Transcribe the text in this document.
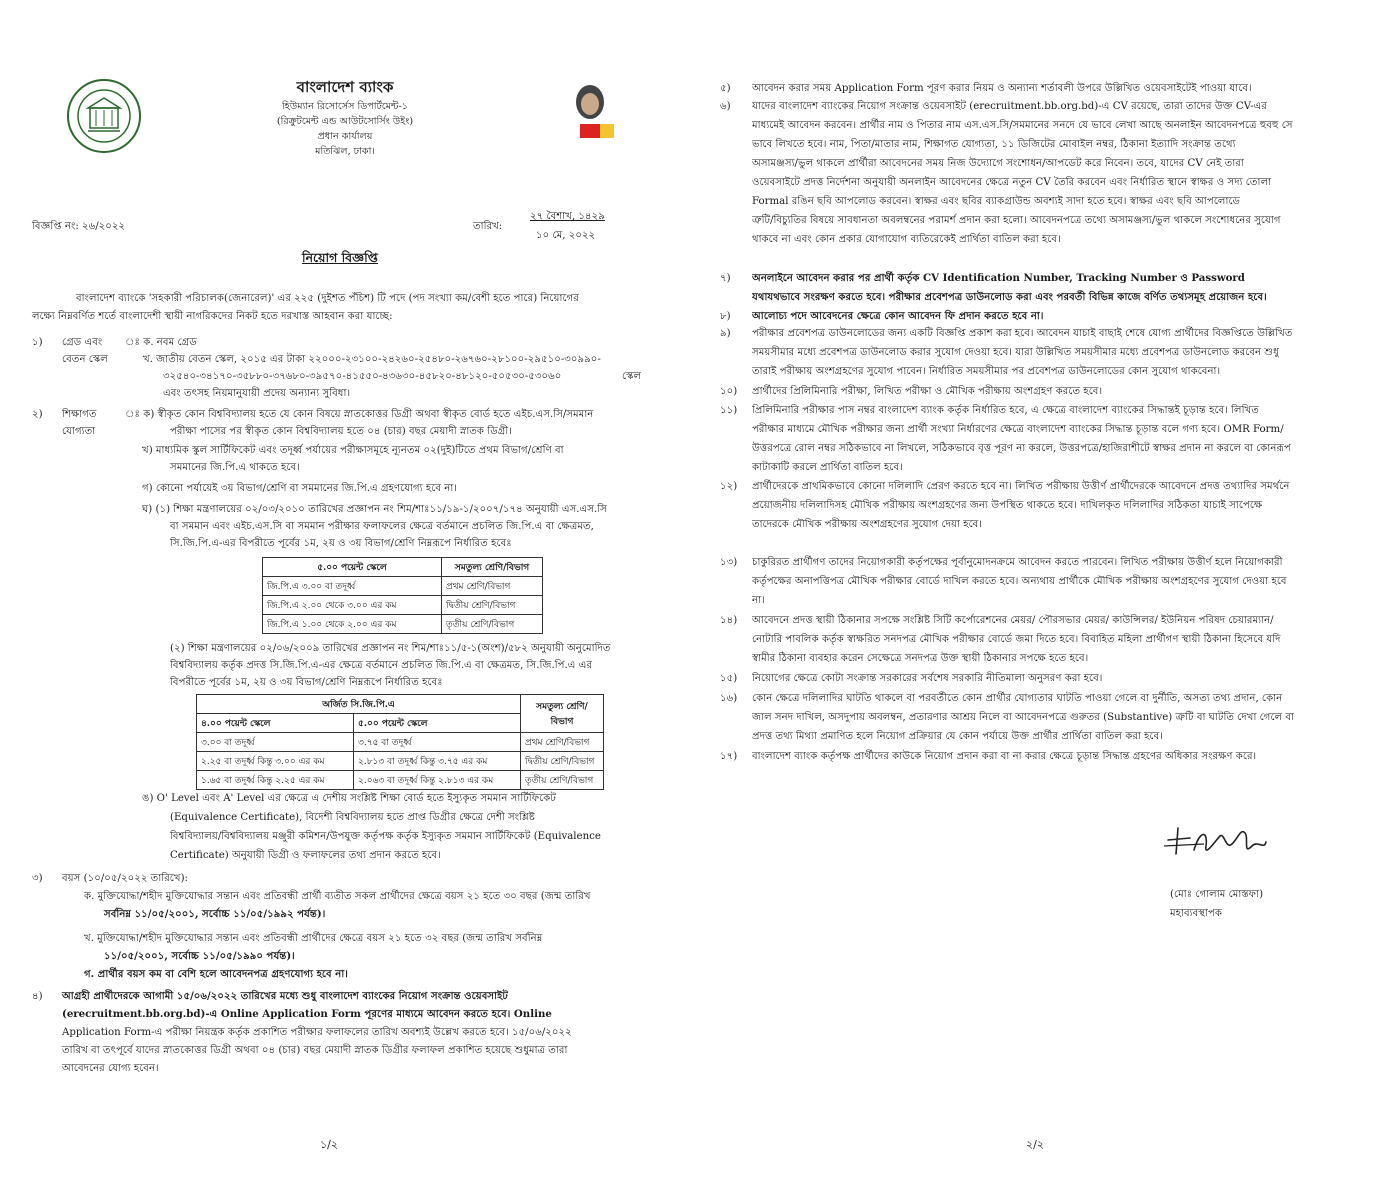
বাংলাদেশ ব্যাংক
হিউম্যান রিসোর্সেস ডিপার্টমেন্ট-১
(রিক্রুটমেন্ট এন্ড আউটসোর্সিং উইং)
প্রধান কার্যালয়
মতিঝিল, ঢাকা।
বিজ্ঞপ্তি নং: ২৬/২০২২	তারিখ:
২৭ বৈশাখ, ১৪২৯
১০ মে, ২০২২
নিয়োগ বিজ্ঞপ্তি
বাংলাদেশ ব্যাংকে 'সহকারী পরিচালক(জেনারেল)' এর ২২৫ (দুইশত পঁচিশ) টি পদে (পদ সংখ্যা কম/বেশী হতে পারে) নিয়োগের
লক্ষ্যে নিম্নবর্ণিত শর্তে বাংলাদেশী স্থায়ী নাগরিকদের নিকট হতে দরখাস্ত আহবান করা যাচ্ছে:
১)	গ্রেড এবং
বেতন স্কেল
ঃ ক. নবম গ্রেড
খ. জাতীয় বেতন স্কেল, ২০১৫ এর টাকা ২২০০০-২৩১০০-২৪২৬০-২৫৪৮০-২৬৭৬০-২৮১০০-২৯৫১০-৩০৯৯০-
৩২৫৪০-৩৪১৭০-৩৫৮৮০-৩৭৬৮০-৩৯৫৭০-৪১৫৫০-৪৩৬৩০-৪৫৮২০-৪৮১২০-৫০৫৩০-৫৩০৬০	স্কেল
এবং তৎসহ নিয়মানুযায়ী প্রদেয় অন্যান্য সুবিধা।
২)	শিক্ষাগত
যোগ্যতা
ঃ ক) স্বীকৃত কোন বিশ্ববিদ্যালয় হতে যে কোন বিষয়ে স্নাতকোত্তর ডিগ্রী অথবা স্বীকৃত বোর্ড হতে এইচ.এস.সি/সমমান
পরীক্ষা পাসের পর স্বীকৃত কোন বিশ্ববিদ্যালয় হতে ০৪ (চার) বছর মেয়াদী স্নাতক ডিগ্রী।
খ) মাধ্যমিক স্কুল সার্টিফিকেট এবং তদূর্ধ্ব পর্যায়ের পরীক্ষাসমূহে ন্যূনতম ০২(দুই)টিতে প্রথম বিভাগ/শ্রেণি বা
সমমানের জি.পি.এ থাকতে হবে।
গ) কোনো পর্যায়েই ৩য় বিভাগ/শ্রেণি বা সমমানের জি.পি.এ গ্রহণযোগ্য হবে না।
ঘ) (১) শিক্ষা মন্ত্রণালয়ের ০২/০৩/২০১০ তারিখের প্রজ্ঞাপন নং শিম/শাঃ১১/১৯-১/২০০৭/১৭৪ অনুযায়ী এস.এস.সি
বা সমমান এবং এইচ.এস.সি বা সমমান পরীক্ষার ফলাফলের ক্ষেত্রে বর্তমানে প্রচলিত জি.পি.এ বা ক্ষেত্রমত,
সি.জি.পি.এ-এর বিপরীতে পূর্বের ১ম, ২য় ও ৩য় বিভাগ/শ্রেণি নিম্নরূপে নির্ধারিত হবেঃ
৫.০০ পয়েন্ট স্কেলে	সমতুল্য শ্রেণি/বিভাগ
জি.পি.এ ৩.০০ বা তদূর্ধ্ব	প্রথম শ্রেণি/বিভাগ
জি.পি.এ ২.০০ থেকে ৩.০০ এর কম	দ্বিতীয় শ্রেণি/বিভাগ
জি.পি.এ ১.০০ থেকে ২.০০ এর কম	তৃতীয় শ্রেণি/বিভাগ
(২) শিক্ষা মন্ত্রণালয়ের ০২/০৬/২০০৯ তারিখের প্রজ্ঞাপন নং শিম/শাঃ১১/৫-১(অংশ)/৫৮২ অনুযায়ী অনুমোদিত
বিশ্ববিদ্যালয় কর্তৃক প্রদত্ত সি.জি.পি.এ-এর ক্ষেত্রে বর্তমানে প্রচলিত জি.পি.এ বা ক্ষেত্রমত, সি.জি.পি.এ এর
বিপরীতে পূর্বের ১ম, ২য় ও ৩য় বিভাগ/শ্রেণি নিম্নরূপে নির্ধারিত হবেঃ
অর্জিত সি.জি.পি.এ		সমতুল্য শ্রেণি/বিভাগ
৪.০০ পয়েন্ট স্কেলে	৫.০০ পয়েন্ট স্কেলে	
৩.০০ বা তদূর্ধ্ব	৩.৭৫ বা তদূর্ধ্ব	প্রথম শ্রেণি/বিভাগ
২.২৫ বা তদূর্ধ্ব কিন্তু ৩.০০ এর কম	২.৮১৩ বা তদূর্ধ্ব কিন্তু ৩.৭৫ এর কম	দ্বিতীয় শ্রেণি/বিভাগ
১.৬৫ বা তদূর্ধ্ব কিন্তু ২.২৫ এর কম	২.০৬৩ বা তদূর্ধ্ব কিন্তু ২.৮১৩ এর কম	তৃতীয় শ্রেণি/বিভাগ
ঙ) O' Level এবং A' Level এর ক্ষেত্রে এ দেশীয় সংশ্লিষ্ট শিক্ষা বোর্ড হতে ইস্যুকৃত সমমান সার্টিফিকেট
(Equivalence Certificate), বিদেশী বিশ্ববিদ্যালয় হতে প্রাপ্ত ডিগ্রীর ক্ষেত্রে দেশী সংশ্লিষ্ট
বিশ্ববিদ্যালয়/বিশ্ববিদ্যালয় মঞ্জুরী কমিশন/উপযুক্ত কর্তৃপক্ষ কর্তৃক ইস্যুকৃত সমমান সার্টিফিকেট (Equivalence
Certificate) অনুযায়ী ডিগ্রী ও ফলাফলের তথ্য প্রদান করতে হবে।
৩)	বয়স (১০/০৫/২০২২ তারিখে):
ক. মুক্তিযোদ্ধা/শহীদ মুক্তিযোদ্ধার সন্তান এবং প্রতিবন্ধী প্রার্থী ব্যতীত সকল প্রার্থীদের ক্ষেত্রে বয়স ২১ হতে ৩০ বছর (জন্ম তারিখ
সর্বনিম্ন ১১/০৫/২০০১, সর্বোচ্চ ১১/০৫/১৯৯২ পর্যন্ত)।
খ. মুক্তিযোদ্ধা/শহীদ মুক্তিযোদ্ধার সন্তান এবং প্রতিবন্ধী প্রার্থীদের ক্ষেত্রে বয়স ২১ হতে ৩২ বছর (জন্ম তারিখ সর্বনিম্ন
১১/০৫/২০০১, সর্বোচ্চ ১১/০৫/১৯৯০ পর্যন্ত)।
গ. প্রার্থীর বয়স কম বা বেশি হলে আবেদনপত্র গ্রহণযোগ্য হবে না।
৪)	আগ্রহী প্রার্থীদেরকে আগামী ১৫/০৬/২০২২ তারিখের মধ্যে শুধু বাংলাদেশ ব্যাংকের নিয়োগ সংক্রান্ত ওয়েবসাইট
(erecruitment.bb.org.bd)-এ Online Application Form পূরণের মাধ্যমে আবেদন করতে হবে। Online
Application Form-এ পরীক্ষা নিয়ন্ত্রক কর্তৃক প্রকাশিত পরীক্ষার ফলাফলের তারিখ অবশ্যই উল্লেখ করতে হবে। ১৫/০৬/২০২২
তারিখ বা তৎপূর্বে যাদের স্নাতকোত্তর ডিগ্রী অথবা ০৪ (চার) বছর মেয়াদী স্নাতক ডিগ্রীর ফলাফল প্রকাশিত হয়েছে শুধুমাত্র তারা
আবেদনের যোগ্য হবেন।
১/২
৫) আবেদন করার সময় Application Form পূরণ করার নিয়ম ও অন্যান্য শর্তাবলী উপরে উল্লিখিত ওয়েবসাইটেই পাওয়া যাবে।
৬) যাদের বাংলাদেশ ব্যাংকের নিয়োগ সংক্রান্ত ওয়েবসাইট (erecruitment.bb.org.bd)-এ CV রয়েছে, তারা তাদের উক্ত CV-এর
মাধ্যমেই আবেদন করবেন। প্রার্থীর নাম ও পিতার নাম এস.এস.সি/সমমানের সনদে যে ভাবে লেখা আছে অনলাইন আবেদনপত্রে হুবহু সে
ভাবে লিখতে হবে। নাম, পিতা/মাতার নাম, শিক্ষাগত যোগ্যতা, ১১ ডিজিটের মোবাইল নম্বর, ঠিকানা ইত্যাদি সংক্রান্ত তথ্যে
অসামঞ্জস্য/ভুল থাকলে প্রার্থীরা আবেদনের সময় নিজ উদ্যোগে সংশোধন/আপডেট করে নিবেন। তবে, যাদের CV নেই তারা
ওয়েবসাইটে প্রদত্ত নির্দেশনা অনুযায়ী অনলাইন আবেদনের ক্ষেত্রে নতুন CV তৈরি করবেন এবং নির্ধারিত স্থানে স্বাক্ষর ও সদ্য তোলা
Formal রঙিন ছবি আপলোড করবেন। স্বাক্ষর এবং ছবির ব্যাকগ্রাউন্ড অবশ্যই সাদা হতে হবে। স্বাক্ষর এবং ছবি আপলোডে
ত্রুটি/বিচ্যুতির বিষয়ে সাবধানতা অবলম্বনের পরামর্শ প্রদান করা হলো। আবেদনপত্রে তথ্যে অসামঞ্জস্য/ভুল থাকলে সংশোধনের সুযোগ
থাকবে না এবং কোন প্রকার যোগাযোগ ব্যতিরেকেই প্রার্থিতা বাতিল করা হবে।
৭) অনলাইনে আবেদন করার পর প্রার্থী কর্তৃক CV Identification Number, Tracking Number ও Password
যথাযথভাবে সংরক্ষণ করতে হবে। পরীক্ষার প্রবেশপত্র ডাউনলোড করা এবং পরবর্তী বিভিন্ন কাজে বর্ণিত তথ্যসমূহ প্রয়োজন হবে।
৮) আলোচ্য পদে আবেদনের ক্ষেত্রে কোন আবেদন ফি প্রদান করতে হবে না।
৯) পরীক্ষার প্রবেশপত্র ডাউনলোডের জন্য একটি বিজ্ঞপ্তি প্রকাশ করা হবে। আবেদন যাচাই বাছাই শেষে যোগ্য প্রার্থীদের বিজ্ঞপ্তিতে উল্লিখিত
সময়সীমার মধ্যে প্রবেশপত্র ডাউনলোড করার সুযোগ দেওয়া হবে। যারা উল্লিখিত সময়সীমার মধ্যে প্রবেশপত্র ডাউনলোড করবেন শুধু
তারাই পরীক্ষায় অংশগ্রহণের সুযোগ পাবেন। নির্ধারিত সময়সীমার পর প্রবেশপত্র ডাউনলোডের কোন সুযোগ থাকবেনা।
১০) প্রার্থীদের প্রিলিমিনারি পরীক্ষা, লিখিত পরীক্ষা ও মৌখিক পরীক্ষায় অংশগ্রহণ করতে হবে।
১১) প্রিলিমিনারি পরীক্ষার পাস নম্বর বাংলাদেশ ব্যাংক কর্তৃক নির্ধারিত হবে, এ ক্ষেত্রে বাংলাদেশ ব্যাংকের সিদ্ধান্তই চূড়ান্ত হবে। লিখিত
পরীক্ষার মাধ্যমে মৌখিক পরীক্ষার জন্য প্রার্থী সংখ্যা নির্ধারণের ক্ষেত্রে বাংলাদেশ ব্যাংকের সিদ্ধান্ত চূড়ান্ত বলে গণ্য হবে। OMR Form/
উত্তরপত্রে রোল নম্বর সঠিকভাবে না লিখলে, সঠিকভাবে বৃত্ত পূরণ না করলে, উত্তরপত্রে/হাজিরাশীটে স্বাক্ষর প্রদান না করলে বা কোনরূপ
কাটাকাটি করলে প্রার্থিতা বাতিল হবে।
১২) প্রার্থীদেরকে প্রাথমিকভাবে কোনো দলিলাদি প্রেরণ করতে হবে না। লিখিত পরীক্ষায় উত্তীর্ণ প্রার্থীদেরকে আবেদনে প্রদত্ত তথ্যাদির সমর্থনে
প্রয়োজনীয় দলিলাদিসহ মৌখিক পরীক্ষায় অংশগ্রহণের জন্য উপস্থিত থাকতে হবে। দাখিলকৃত দলিলাদির সঠিকতা যাচাই সাপেক্ষে
তাদেরকে মৌখিক পরীক্ষায় অংশগ্রহণের সুযোগ দেয়া হবে।
১৩) চাকুরিরত প্রার্থীগণ তাদের নিয়োগকারী কর্তৃপক্ষের পূর্বানুমোদনক্রমে আবেদন করতে পারবেন। লিখিত পরীক্ষায় উত্তীর্ণ হলে নিয়োগকারী
কর্তৃপক্ষের অনাপত্তিপত্র মৌখিক পরীক্ষার বোর্ডে দাখিল করতে হবে। অন্যথায় প্রার্থীকে মৌখিক পরীক্ষায় অংশগ্রহণের সুযোগ দেওয়া হবে
না।
১৪) আবেদনে প্রদত্ত স্থায়ী ঠিকানার সপক্ষে সংশ্লিষ্ট সিটি কর্পোরেশনের মেয়র/ পৌরসভার মেয়র/ কাউন্সিলর/ ইউনিয়ন পরিষদ চেয়ারম্যান/
নোটারি পাবলিক কর্তৃক স্বাক্ষরিত সনদপত্র মৌখিক পরীক্ষার বোর্ডে জমা দিতে হবে। বিবাহিত মহিলা প্রার্থীগণ স্থায়ী ঠিকানা হিসেবে যদি
স্বামীর ঠিকানা ব্যবহার করেন সেক্ষেত্রে সনদপত্র উক্ত স্থায়ী ঠিকানার সপক্ষে হতে হবে।
১৫) নিয়োগের ক্ষেত্রে কোটা সংক্রান্ত সরকারের সর্বশেষ সরকারি নীতিমালা অনুসরণ করা হবে।
১৬) কোন ক্ষেত্রে দলিলাদির ঘাটতি থাকলে বা পরবর্তীতে কোন প্রার্থীর যোগ্যতার ঘাটতি পাওয়া গেলে বা দুর্নীতি, অসত্য তথ্য প্রদান, কোন
জাল সনদ দাখিল, অসদুপায় অবলম্বন, প্রতারণার আশ্রয় নিলে বা আবেদনপত্রে গুরুতর (Substantive) ত্রুটি বা ঘাটতি দেখা গেলে বা
প্রদত্ত তথ্য মিথ্যা প্রমাণিত হলে নিয়োগ প্রক্রিয়ার যে কোন পর্যায়ে উক্ত প্রার্থীর প্রার্থিতা বাতিল করা হবে।
১৭) বাংলাদেশ ব্যাংক কর্তৃপক্ষ প্রার্থীদের কাউকে নিয়োগ প্রদান করা বা না করার ক্ষেত্রে চূড়ান্ত সিদ্ধান্ত গ্রহণের অধিকার সংরক্ষণ করে।
(মোঃ গোলাম মোস্তফা)
মহাব্যবস্থাপক
২/২
